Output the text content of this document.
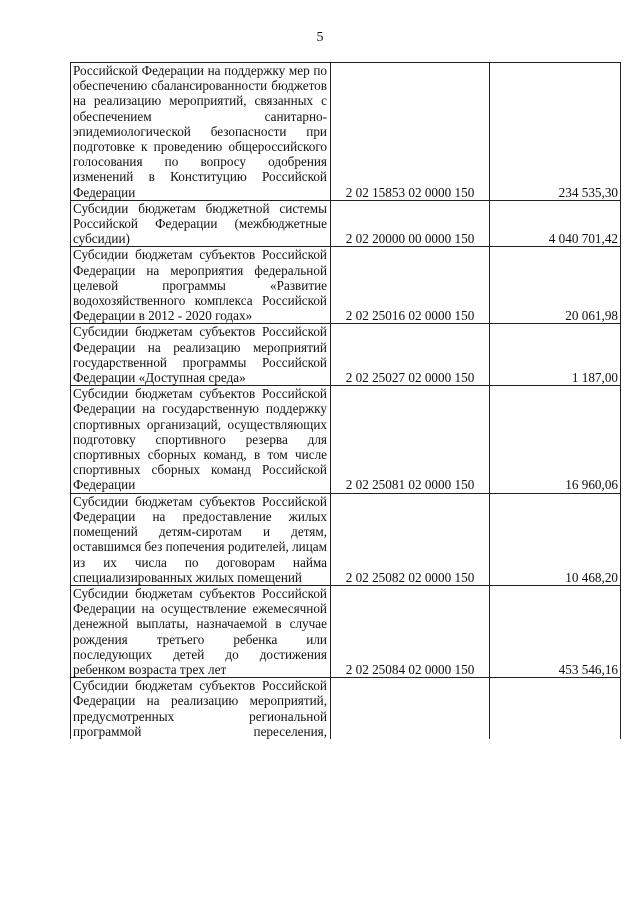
5
Российской Федерации на поддержку мер по обеспечению сбалансированности бюджетов на реализацию мероприятий, связанных с обеспечением санитарно-эпидемиологической безопасности при подготовке к проведению общероссийского голосования по вопросу одобрения изменений в Конституцию Российской Федерации	2 02 15853 02 0000 150	234 535,30

Субсидии бюджетам бюджетной системы Российской Федерации (межбюджетные субсидии)	2 02 20000 00 0000 150	4 040 701,42

Субсидии бюджетам субъектов Российской Федерации на мероприятия федеральной целевой программы «Развитие водохозяйственного комплекса Российской Федерации в 2012 - 2020 годах»	2 02 25016 02 0000 150	20 061,98

Субсидии бюджетам субъектов Российской Федерации на реализацию мероприятий государственной программы Российской Федерации «Доступная среда»	2 02 25027 02 0000 150	1 187,00

Субсидии бюджетам субъектов Российской Федерации на государственную поддержку спортивных организаций, осуществляющих подготовку спортивного резерва для спортивных сборных команд, в том числе спортивных сборных команд Российской Федерации	2 02 25081 02 0000 150	16 960,06

Субсидии бюджетам субъектов Российской Федерации на предоставление жилых помещений детям-сиротам и детям, оставшимся без попечения родителей, лицам из их числа по договорам найма специализированных жилых помещений	2 02 25082 02 0000 150	10 468,20

Субсидии бюджетам субъектов Российской Федерации на осуществление ежемесячной денежной выплаты, назначаемой в случае рождения третьего ребенка или последующих детей до достижения ребенком возраста трех лет	2 02 25084 02 0000 150	453 546,16

Субсидии бюджетам субъектов Российской Федерации на реализацию мероприятий, предусмотренных региональной программой переселения,		
